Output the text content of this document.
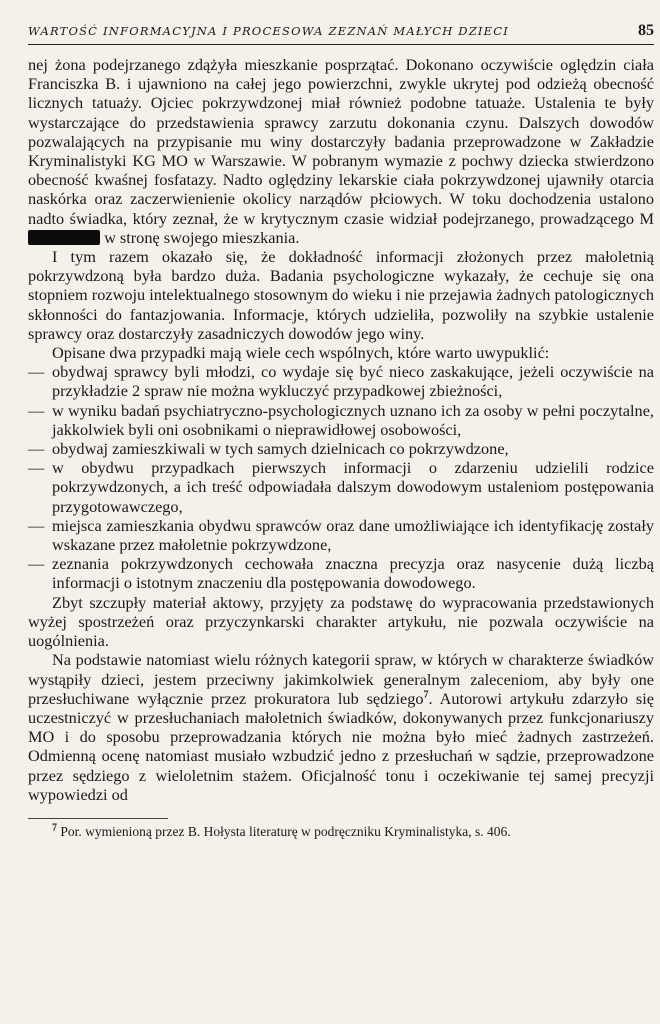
WARTOŚĆ INFORMACYJNA I PROCESOWA ZEZNAŃ MAŁYCH DZIECI	85

nej żona podejrzanego zdążyła mieszkanie posprzątać. Dokonano oczywiście oględzin ciała Franciszka B. i ujawniono na całej jego powierzchni, zwykle ukrytej pod odzieżą obecność licznych tatuaży. Ojciec pokrzywdzonej miał również podobne tatuaże. Ustalenia te były wystarczające do przedstawienia sprawcy zarzutu dokonania czynu. Dalszych dowodów pozwalających na przypisanie mu winy dostarczyły badania przeprowadzone w Zakładzie Kryminalistyki KG MO w Warszawie. W pobranym wymazie z pochwy dziecka stwierdzono obecność kwaśnej fosfatazy. Nadto oględziny lekarskie ciała pokrzywdzonej ujawniły otarcia naskórka oraz zaczerwienienie okolicy narządów płciowych. W toku dochodzenia ustalono nadto świadka, który zeznał, że w krytycznym czasie widział podejrzanego, prowadzącego M w stronę swojego mieszkania.

I tym razem okazało się, że dokładność informacji złożonych przez małoletnią pokrzywdzoną była bardzo duża. Badania psychologiczne wykazały, że cechuje się ona stopniem rozwoju intelektualnego stosownym do wieku i nie przejawia żadnych patologicznych skłonności do fantazjowania. Informacje, których udzieliła, pozwoliły na szybkie ustalenie sprawcy oraz dostarczyły zasadniczych dowodów jego winy.

Opisane dwa przypadki mają wiele cech wspólnych, które warto uwypuklić:

— obydwaj sprawcy byli młodzi, co wydaje się być nieco zaskakujące, jeżeli oczywiście na przykładzie 2 spraw nie można wykluczyć przypadkowej zbieżności,
— w wyniku badań psychiatryczno-psychologicznych uznano ich za osoby w pełni poczytalne, jakkolwiek byli oni osobnikami o nieprawidłowej osobowości,
— obydwaj zamieszkiwali w tych samych dzielnicach co pokrzywdzone,
— w obydwu przypadkach pierwszych informacji o zdarzeniu udzielili rodzice pokrzywdzonych, a ich treść odpowiadała dalszym dowodowym ustaleniom postępowania przygotowawczego,
— miejsca zamieszkania obydwu sprawców oraz dane umożliwiające ich identyfikację zostały wskazane przez małoletnie pokrzywdzone,
— zeznania pokrzywdzonych cechowała znaczna precyzja oraz nasycenie dużą liczbą informacji o istotnym znaczeniu dla postępowania dowodowego.

Zbyt szczupły materiał aktowy, przyjęty za podstawę do wypracowania przedstawionych wyżej spostrzeżeń oraz przyczynkarski charakter artykułu, nie pozwala oczywiście na uogólnienia.

Na podstawie natomiast wielu różnych kategorii spraw, w których w charakterze świadków wystąpiły dzieci, jestem przeciwny jakimkolwiek generalnym zaleceniom, aby były one przesłuchiwane wyłącznie przez prokuratora lub sędziego$^7$. Autorowi artykułu zdarzyło się uczestniczyć w przesłuchaniach małoletnich świadków, dokonywanych przez funkcjonariuszy MO i do sposobu przeprowadzania których nie można było mieć żadnych zastrzeżeń. Odmienną ocenę natomiast musiało wzbudzić jedno z przesłuchań w sądzie, przeprowadzone przez sędziego z wieloletnim stażem. Oficjalność tonu i oczekiwanie tej samej precyzji wypowiedzi od

$^7$ Por. wymienioną przez B. Hołysta literaturę w podręczniku Kryminalistyka, s. 406.
